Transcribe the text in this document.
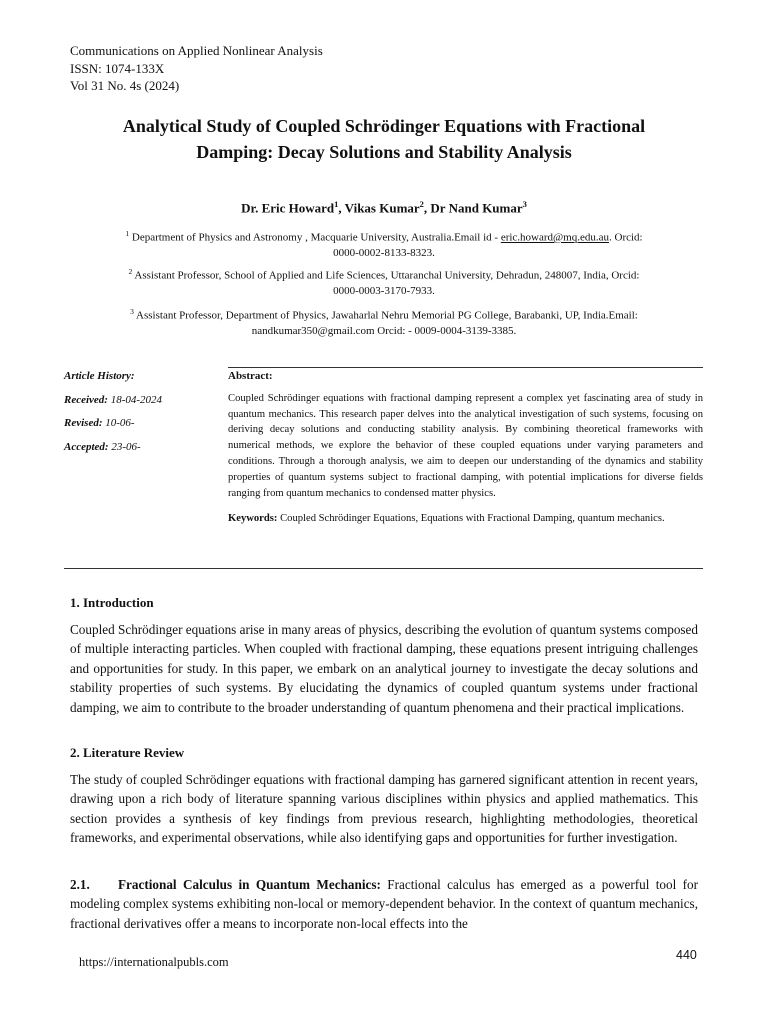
Communications on Applied Nonlinear Analysis
ISSN: 1074-133X
Vol 31 No. 4s (2024)
Analytical Study of Coupled Schrödinger Equations with Fractional
Damping: Decay Solutions and Stability Analysis
Dr. Eric Howard$^1$, Vikas Kumar$^2$, Dr Nand Kumar$^3$
$^1$ Department of Physics and Astronomy , Macquarie University, Australia.Email id - eric.howard@mq.edu.au. Orcid:
0000-0002-8133-8323.
$^2$ Assistant Professor, School of Applied and Life Sciences, Uttaranchal University, Dehradun, 248007, India, Orcid:
0000-0003-3170-7933.
$^3$ Assistant Professor, Department of Physics, Jawaharlal Nehru Memorial PG College, Barabanki, UP, India.Email:
nandkumar350@gmail.com Orcid: - 0009-0004-3139-3385.
Article History:
Received: 18-04-2024
Revised: 10-06-
Accepted: 23-06-
Abstract:
Coupled Schrödinger equations with fractional damping represent a complex yet fascinating area of study in quantum mechanics. This research paper delves into the analytical investigation of such systems, focusing on deriving decay solutions and conducting stability analysis. By combining theoretical frameworks with numerical methods, we explore the behavior of these coupled equations under varying parameters and conditions. Through a thorough analysis, we aim to deepen our understanding of the dynamics and stability properties of quantum systems subject to fractional damping, with potential implications for diverse fields ranging from quantum mechanics to condensed matter physics.
Keywords: Coupled Schrödinger Equations, Equations with Fractional Damping, quantum mechanics.
1. Introduction
Coupled Schrödinger equations arise in many areas of physics, describing the evolution of quantum systems composed of multiple interacting particles. When coupled with fractional damping, these equations present intriguing challenges and opportunities for study. In this paper, we embark on an analytical journey to investigate the decay solutions and stability properties of such systems. By elucidating the dynamics of coupled quantum systems under fractional damping, we aim to contribute to the broader understanding of quantum phenomena and their practical implications.
2. Literature Review
The study of coupled Schrödinger equations with fractional damping has garnered significant attention in recent years, drawing upon a rich body of literature spanning various disciplines within physics and applied mathematics. This section provides a synthesis of key findings from previous research, highlighting methodologies, theoretical frameworks, and experimental observations, while also identifying gaps and opportunities for further investigation.
2.1. Fractional Calculus in Quantum Mechanics: Fractional calculus has emerged as a powerful tool for modeling complex systems exhibiting non-local or memory-dependent behavior. In the context of quantum mechanics, fractional derivatives offer a means to incorporate non-local effects into the
https://internationalpubls.com	440
